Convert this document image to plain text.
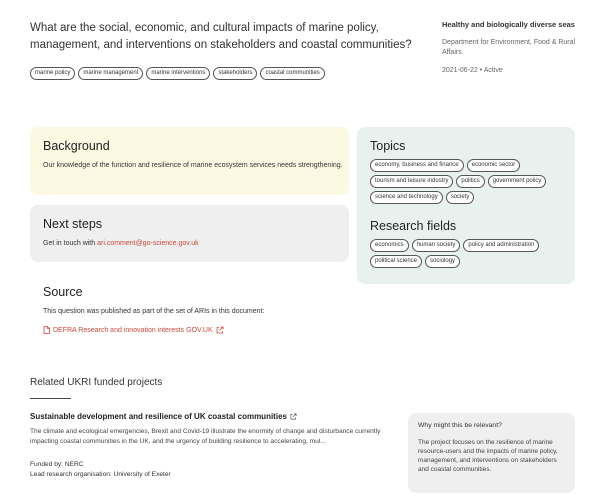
What are the social, economic, and cultural impacts of marine policy, management, and interventions on stakeholders and coastal communities?
marine policy	marine management	marine interventions	stakeholders	coastal communities
Healthy and biologically diverse seas
Department for Environment, Food & Rural Affairs
2021-06-22 • Active
Background

Our knowledge of the function and resilience of marine ecosystem services needs strengthening.

Next steps

Get in touch with ari.comment@go-science.gov.uk

Source

This question was published as part of the set of ARIs in this document:

DEFRA Research and innovation interests GOV.UK
Topics
economy, business and finance	economic sector
tourism and leisure industry	politics	government policy
science and technology	society
Research fields
economics	human society	policy and administration
political science	sociology
Related UKRI funded projects
Sustainable development and resilience of UK coastal communities
The climate and ecological emergencies, Brexit and Covid-19 illustrate the enormity of change and disturbance currently impacting coastal communities in the UK, and the urgency of building resilience to accelerating, mul...
Funded by: NERC
Lead research organisation: University of Exeter
Why might this be relevant?
The project focuses on the resilience of marine resource-users and the impacts of marine policy, management, and interventions on stakeholders and coastal communities.
